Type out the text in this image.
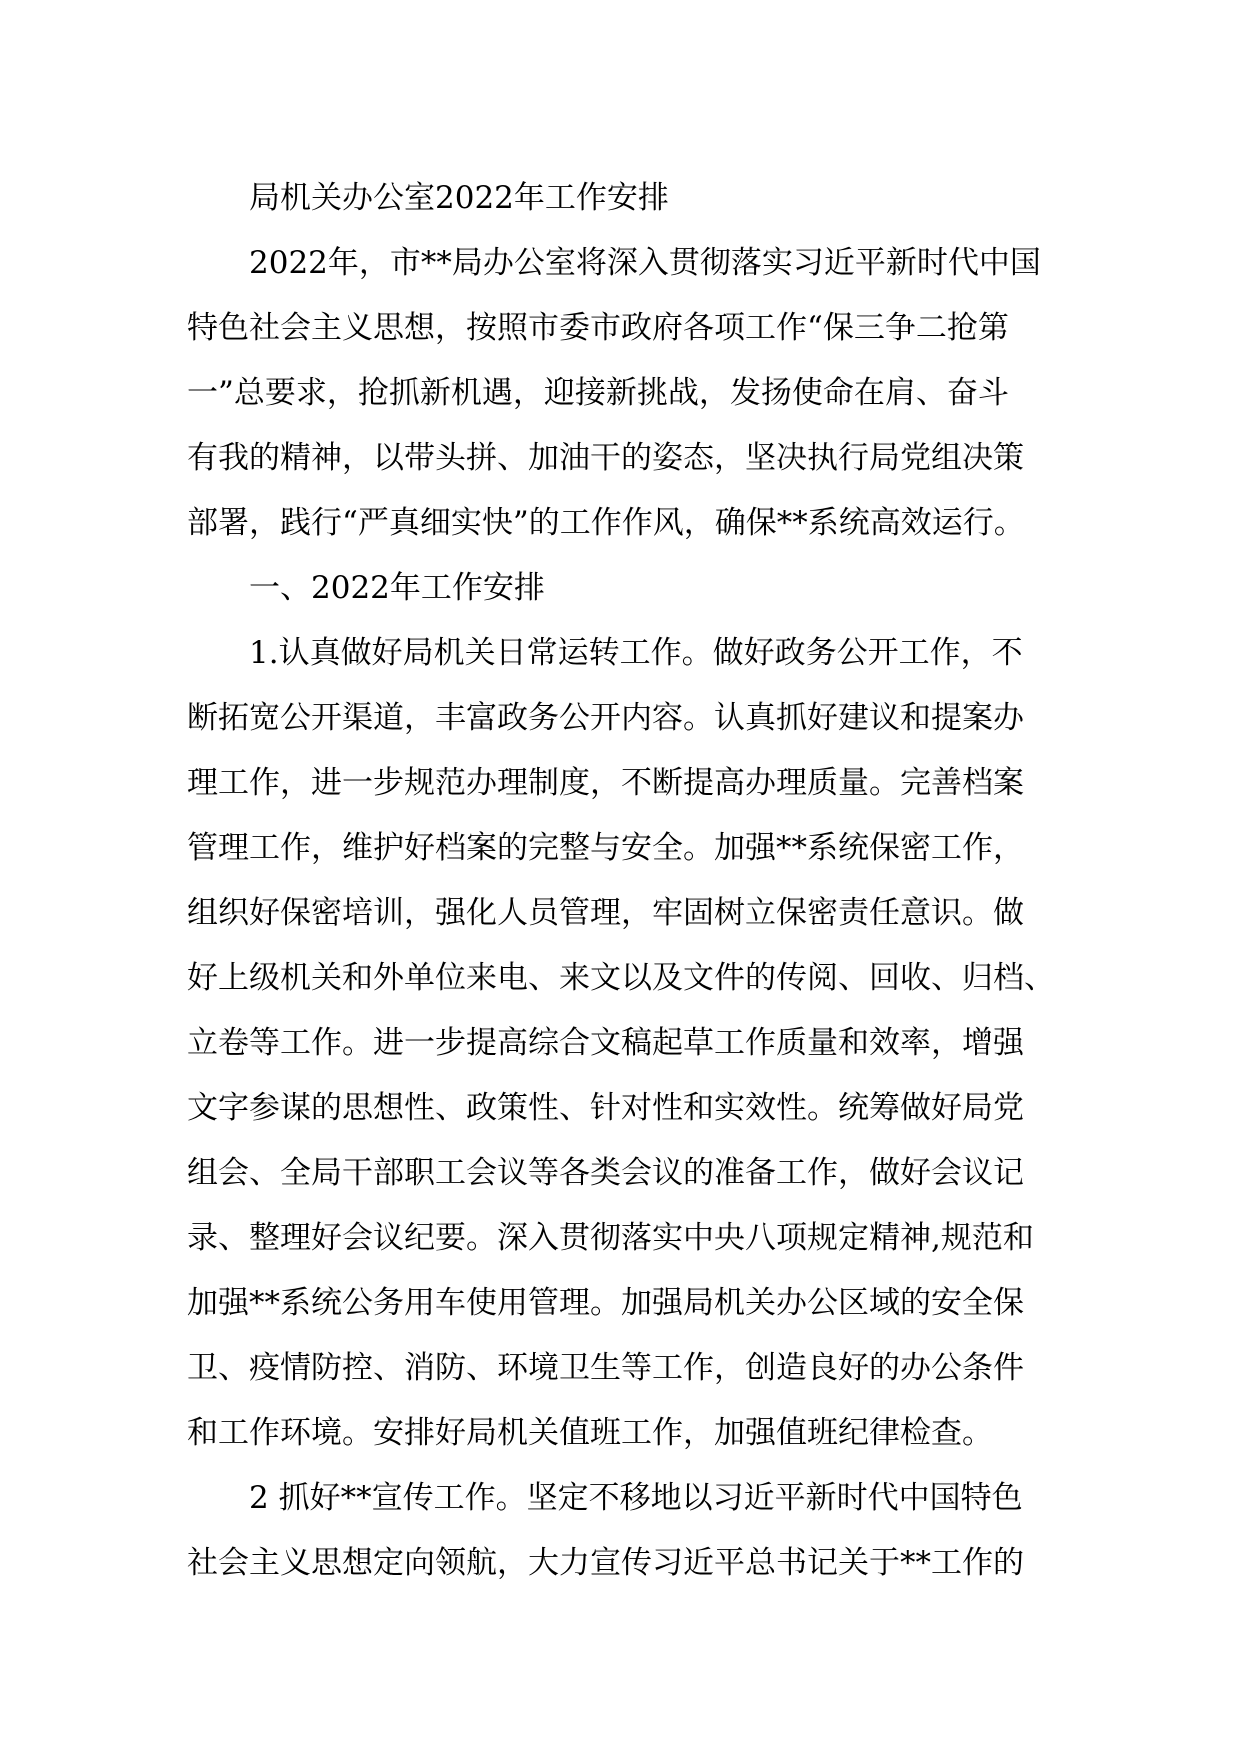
局机关办公室2022年工作安排
2022年，市**局办公室将深入贯彻落实习近平新时代中国
特色社会主义思想，按照市委市政府各项工作“保三争二抢第
一”总要求，抢抓新机遇，迎接新挑战，发扬使命在肩、奋斗
有我的精神，以带头拼、加油干的姿态，坚决执行局党组决策
部署，践行“严真细实快”的工作作风，确保**系统高效运行。
一、2022年工作安排
1.认真做好局机关日常运转工作。做好政务公开工作，不
断拓宽公开渠道，丰富政务公开内容。认真抓好建议和提案办
理工作，进一步规范办理制度，不断提高办理质量。完善档案
管理工作，维护好档案的完整与安全。加强**系统保密工作，
组织好保密培训，强化人员管理，牢固树立保密责任意识。做
好上级机关和外单位来电、来文以及文件的传阅、回收、归档、
立卷等工作。进一步提高综合文稿起草工作质量和效率，增强
文字参谋的思想性、政策性、针对性和实效性。统筹做好局党
组会、全局干部职工会议等各类会议的准备工作，做好会议记
录、整理好会议纪要。深入贯彻落实中央八项规定精神,规范和
加强**系统公务用车使用管理。加强局机关办公区域的安全保
卫、疫情防控、消防、环境卫生等工作，创造良好的办公条件
和工作环境。安排好局机关值班工作，加强值班纪律检查。
2 抓好**宣传工作。坚定不移地以习近平新时代中国特色
社会主义思想定向领航，大力宣传习近平总书记关于**工作的
